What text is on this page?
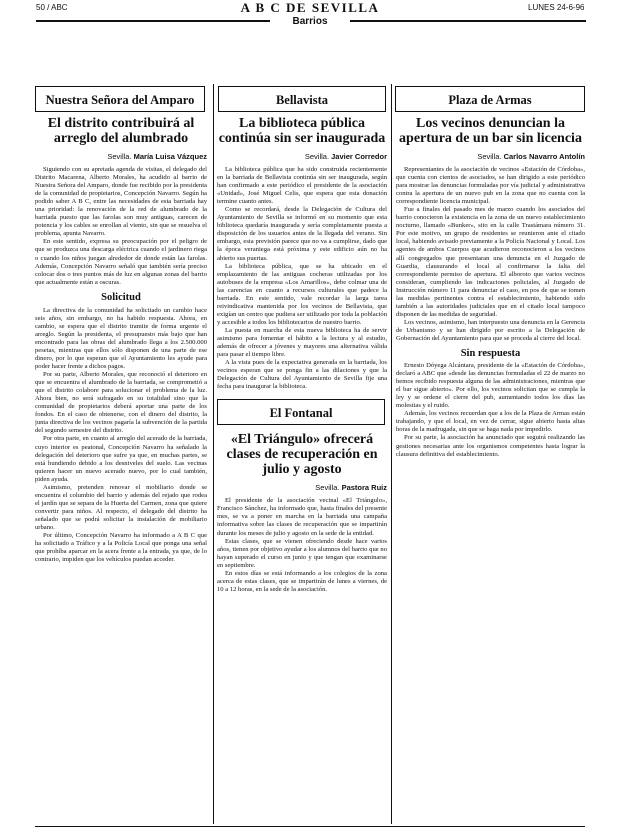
50 / ABC	A B C DE SEVILLA	LUNES 24-6-96
Barrios
Nuestra Señora del Amparo
El distrito contribuirá al arreglo del alumbrado
Sevilla. María Luisa Vázquez

Siguiendo con su apretada agenda de visitas, el delegado del Distrito Macarena, Alberto Morales, ha acudido al barrio de Nuestra Señora del Amparo, donde fue recibido por la presidenta de la comunidad de propietarios, Concepción Navarro. Según ha podido saber A B C, entre las necesidades de esta barriada hay una prioridad: la renovación de la red de alumbrado de la barriada puesto que las farolas son muy antiguas, carecen de potencia y los cables se enrollan al viento, sin que se resuelva el problema, apunta Navarro.

En este sentido, expresa su preocupación por el peligro de que se produzca una descarga eléctrica cuando el jardinero riega o cuando los niños juegan alrededor de donde están las farolas. Además, Concepción Navarro señaló que también sería preciso colocar dos o tres puntos más de luz en algunas zonas del barrio que actualmente están a oscuras.

Solicitud

La directiva de la comunidad ha solicitado un cambio hace seis años, sin embargo, no ha habido respuesta. Ahora, en cambio, se espera que el distrito tramite de forma urgente el arreglo. Según la presidenta, el presupuesto más bajo que han encontrado para las obras del alumbrado llega a los 2.500.000 pesetas, mientras que ellos sólo disponen de una parte de ese dinero, por lo que esperan que el Ayuntamiento les ayude para poder hacer frente a dichos pagos.

Por su parte, Alberto Morales, que reconoció el deterioro en que se encuentra el alumbrado de la barriada, se comprometió a que el distrito colabore para solucionar el problema de la luz. Ahora bien, no será sufragado en su totalidad sino que la comunidad de propietarios deberá aportar una parte de los fondos. En el caso de obtenerse, con el dinero del distrito, la junta directiva de los vecinos pagaría la subvención de la partida del segundo semestre del distrito.

Por otra parte, en cuanto al arreglo del acerado de la barriada, cuyo interior es peatonal, Concepción Navarro ha señalado la delegación del deterioro que sufre ya que, en muchas partes, se está hundiendo debido a los desniveles del suelo. Las vecinas quieren hacer un nuevo acerado nuevo, por lo cual también, piden ayuda.

Asimismo, pretenden renovar el mobiliario donde se encuentra el columbio del barrio y además del rejado que rodea el jardín que se separa de la Huerta del Carmen, zona que quiere convertir para niños. Al respecto, el delegado del distrito ha señalado que se podrá solicitar la instalación de mobiliario urbano.

Por último, Concepción Navarro ha informado a A B C que ha solicitado a Tráfico y a la Policía Local que ponga una señal que prohíba aparcar en la acera frente a la entrada, ya que, de lo contrario, impiden que los vehículos puedan acceder.

Bellavista
La biblioteca pública continúa sin ser inaugurada
Sevilla. Javier Corredor

La biblioteca pública que ha sido construida recientemente en la barriada de Bellavista continúa sin ser inaugurada, según han confirmado a este periódico el presidente de la asociación «Unidad», José Miguel Celis, que espera que esta donación termine cuanto antes.

Como se recordará, desde la Delegación de Cultura del Ayuntamiento de Sevilla se informó en su momento que esta biblioteca quedaría inaugurada y sería completamente puesta a disposición de los usuarios antes de la llegada del verano. Sin embargo, esta previsión parece que no va a cumplirse, dado que la época veraniega está próxima y este edificio aún no ha abierto sus puertas.

La biblioteca pública, que se ha ubicado en el emplazamiento de las antiguas cocheras utilizadas por los autobuses de la empresa «Los Amarillos», debe colmar una de las carencias en cuanto a recursos culturales que padece la barriada. En este sentido, vale recordar la larga tarea reivindicativa mantenida por los vecinos de Bellavista, que exigían un centro que pudiera ser utilizado por toda la población y accesible a todos los bibliotecarios de nuestro barrio.

La puesta en marcha de esta nueva biblioteca ha de servir asimismo para fomentar el hábito a la lectura y al estudio, además de ofrecer a jóvenes y mayores una alternativa válida para pasar el tiempo libre.

A la vista pues de la expectativa generada en la barriada, los vecinos esperan que se ponga fin a las dilaciones y que la Delegación de Cultura del Ayuntamiento de Sevilla fije una fecha para inaugurar la biblioteca.

El Fontanal
«El Triángulo» ofrecerá clases de recuperación en julio y agosto
Sevilla. Pastora Ruiz

El presidente de la asociación vecinal «El Triángulo», Francisco Sánchez, ha informado que, hasta finales del presente mes, se va a poner en marcha en la barriada una campaña informativa sobre las clases de recuperación que se impartirán durante los meses de julio y agosto en la sede de la entidad.

Estas clases, que se vienen ofreciendo desde hace varios años, tienen por objetivo ayudar a los alumnos del barrio que no hayan superado el curso en junio y que tengan que examinarse en septiembre.

En estos días se está informando a los colegios de la zona acerca de estas clases, que se impartirán de lunes a viernes, de 10 a 12 horas, en la sede de la asociación.

Plaza de Armas
Los vecinos denuncian la apertura de un bar sin licencia
Sevilla. Carlos Navarro Antolín

Representantes de la asociación de vecinos «Estación de Córdoba», que cuenta con cientos de asociados, se han dirigido a este periódico para mostrar las denuncias formuladas por vía judicial y administrativa contra la apertura de un nuevo pub en la zona que no cuenta con la correspondiente licencia municipal.

Fue a finales del pasado mes de marzo cuando los asociados del barrio conocieron la existencia en la zona de un nuevo establecimiento nocturno, llamado «Bunker», sito en la calle Trastámara número 31. Por este motivo, un grupo de residentes se reunieron ante el citado local, habiendo avisado previamente a la Policía Nacional y Local. Los agentes de ambos Cuerpos que acudieron reconocieron a los vecinos allí congregados que presentaran una denuncia en el Juzgado de Guardia, clausurando el local al confirmarse la falta del correspondiente permiso de apertura. El alboroto que varios vecinos consideran, cumpliendo las indicaciones policiales, al Juzgado de Instrucción número 11 para denunciar el caso, en pos de que se tomen las medidas pertinentes contra el establecimiento, habiendo sido también a las autoridades judiciales que en el citado local tampoco disponen de las medidas de seguridad.

Los vecinos, asimismo, han interpuesto una denuncia en la Gerencia de Urbanismo y se han dirigido por escrito a la Delegación de Gobernación del Ayuntamiento para que se proceda al cierre del local.

Sin respuesta

Ernesto Dóyega Alcántara, presidente de la «Estación de Córdoba», declaró a ABC que «desde las denuncias formuladas el 22 de marzo no hemos recibido respuesta alguna de las administraciones, mientras que el bar sigue abierto». Por ello, los vecinos solicitan que se cumpla la ley y se ordene el cierre del pub, aumentando todos los días las molestias y el ruido.

Además, los vecinos recuerdan que a los de la Plaza de Armas están trabajando, y que el local, en vez de cerrar, sigue abierto hasta altas horas de la madrugada, sin que se haga nada por impedirlo.

Por su parte, la asociación ha anunciado que seguirá realizando las gestiones necesarias ante los organismos competentes hasta lograr la clausura definitiva del establecimiento.
